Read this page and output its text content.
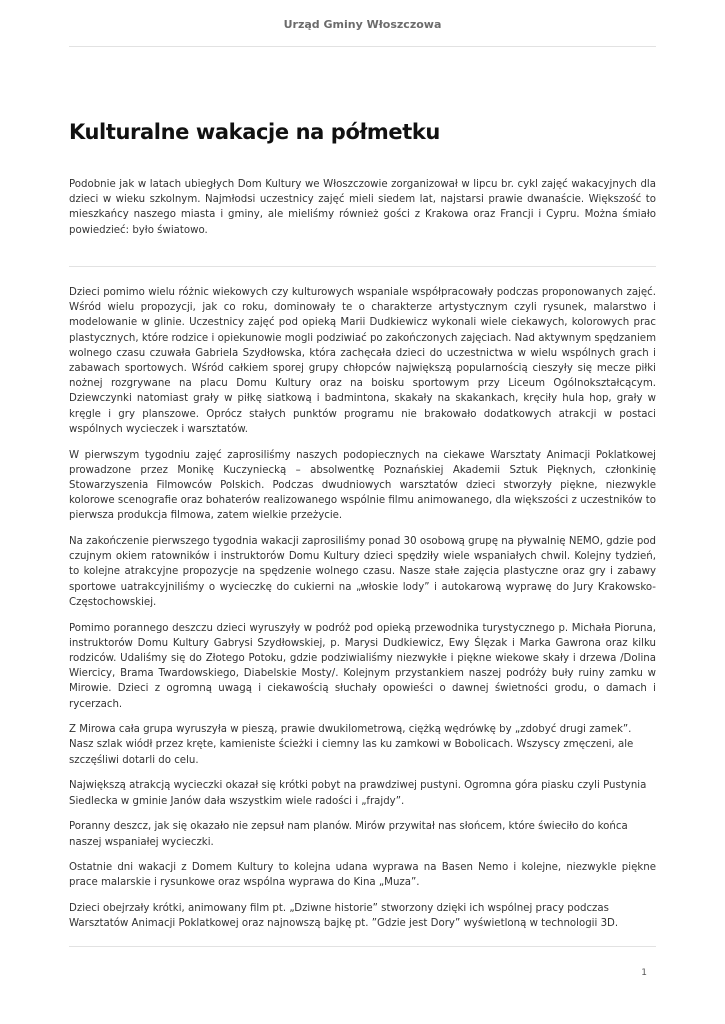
Urząd Gminy Włoszczowa
Kulturalne wakacje na półmetku

Podobnie jak w latach ubiegłych Dom Kultury we Włoszczowie zorganizował w lipcu br. cykl zajęć wakacyjnych dla dzieci w wieku szkolnym. Najmłodsi uczestnicy zajęć mieli siedem lat, najstarsi prawie dwanaście. Większość to mieszkańcy naszego miasta i gminy, ale mieliśmy również gości z Krakowa oraz Francji i Cypru. Można śmiało powiedzieć: było światowo.

Dzieci pomimo wielu różnic wiekowych czy kulturowych wspaniale współpracowały podczas proponowanych zajęć. Wśród wielu propozycji, jak co roku, dominowały te o charakterze artystycznym czyli rysunek, malarstwo i modelowanie w glinie. Uczestnicy zajęć pod opieką Marii Dudkiewicz wykonali wiele ciekawych, kolorowych prac plastycznych, które rodzice i opiekunowie mogli podziwiać po zakończonych zajęciach. Nad aktywnym spędzaniem wolnego czasu czuwała Gabriela Szydłowska, która zachęcała dzieci do uczestnictwa w wielu wspólnych grach i zabawach sportowych. Wśród całkiem sporej grupy chłopców największą popularnością cieszyły się mecze piłki nożnej rozgrywane na placu Domu Kultury oraz na boisku sportowym przy Liceum Ogólnokształcącym. Dziewczynki natomiast grały w piłkę siatkową i badmintona, skakały na skakankach, kręciły hula hop, grały w kręgle i gry planszowe. Oprócz stałych punktów programu nie brakowało dodatkowych atrakcji w postaci wspólnych wycieczek i warsztatów.

W pierwszym tygodniu zajęć zaprosiliśmy naszych podopiecznych na ciekawe Warsztaty Animacji Poklatkowej prowadzone przez Monikę Kuczyniecką – absolwentkę Poznańskiej Akademii Sztuk Pięknych, członkinię Stowarzyszenia Filmowców Polskich. Podczas dwudniowych warsztatów dzieci stworzyły piękne, niezwykle kolorowe scenografie oraz bohaterów realizowanego wspólnie filmu animowanego, dla większości z uczestników to pierwsza produkcja filmowa, zatem wielkie przeżycie.

Na zakończenie pierwszego tygodnia wakacji zaprosiliśmy ponad 30 osobową grupę na pływalnię NEMO, gdzie pod czujnym okiem ratowników i instruktorów Domu Kultury dzieci spędziły wiele wspaniałych chwil. Kolejny tydzień, to kolejne atrakcyjne propozycje na spędzenie wolnego czasu. Nasze stałe zajęcia plastyczne oraz gry i zabawy sportowe uatrakcyjniliśmy o wycieczkę do cukierni na „włoskie lody” i autokarową wyprawę do Jury Krakowsko-Częstochowskiej.

Pomimo porannego deszczu dzieci wyruszyły w podróż pod opieką przewodnika turystycznego p. Michała Pioruna, instruktorów Domu Kultury Gabrysi Szydłowskiej, p. Marysi Dudkiewicz, Ewy Ślęzak i Marka Gawrona oraz kilku rodziców. Udaliśmy się do Złotego Potoku, gdzie podziwialiśmy niezwykłe i piękne wiekowe skały i drzewa /Dolina Wiercicy, Brama Twardowskiego, Diabelskie Mosty/. Kolejnym przystankiem naszej podróży buły ruiny zamku w Mirowie. Dzieci z ogromną uwagą i ciekawością słuchały opowieści o dawnej świetności grodu, o damach i rycerzach.

Z Mirowa cała grupa wyruszyła w pieszą, prawie dwukilometrową, ciężką wędrówkę by „zdobyć drugi zamek”. Nasz szlak wiódł przez kręte, kamieniste ścieżki i ciemny las ku zamkowi w Bobolicach. Wszyscy zmęczeni, ale szczęśliwi dotarli do celu.

Największą atrakcją wycieczki okazał się krótki pobyt na prawdziwej pustyni. Ogromna góra piasku czyli Pustynia Siedlecka w gminie Janów dała wszystkim wiele radości i „frajdy”.

Poranny deszcz, jak się okazało nie zepsuł nam planów. Mirów przywitał nas słońcem, które świeciło do końca naszej wspaniałej wycieczki.

Ostatnie dni wakacji z Domem Kultury to kolejna udana wyprawa na Basen Nemo i kolejne, niezwykle piękne prace malarskie i rysunkowe oraz wspólna wyprawa do Kina „Muza”.

Dzieci obejrzały krótki, animowany film pt. „Dziwne historie” stworzony dzięki ich wspólnej pracy podczas Warsztatów Animacji Poklatkowej oraz najnowszą bajkę pt. ”Gdzie jest Dory” wyświetloną w technologii 3D.

1
